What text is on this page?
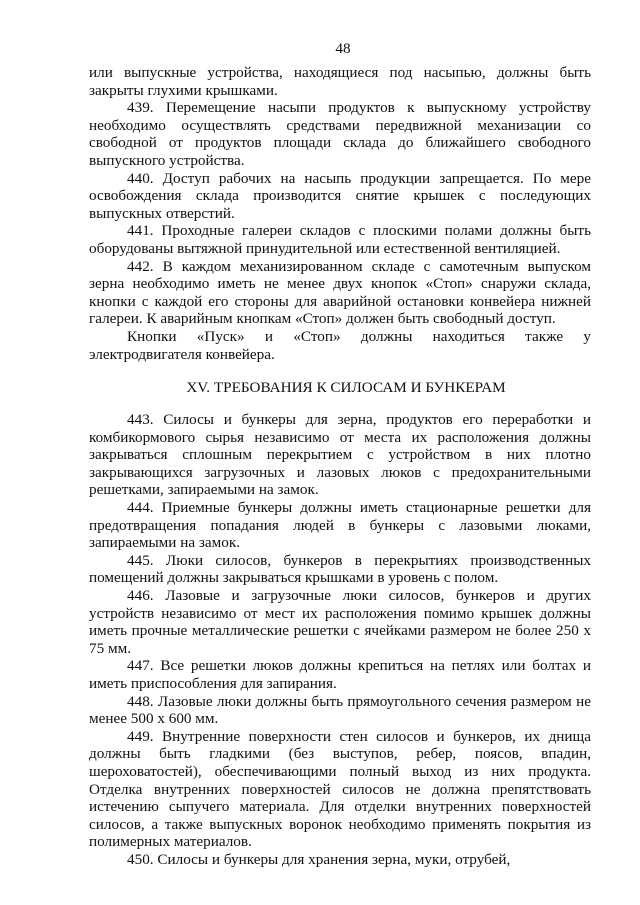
48

или выпускные устройства, находящиеся под насыпью, должны быть закрыты глухими крышками.

439. Перемещение насыпи продуктов к выпускному устройству необходимо осуществлять средствами передвижной механизации со свободной от продуктов площади склада до ближайшего свободного выпускного устройства.

440. Доступ рабочих на насыпь продукции запрещается. По мере освобождения склада производится снятие крышек с последующих выпускных отверстий.

441. Проходные галереи складов с плоскими полами должны быть оборудованы вытяжной принудительной или естественной вентиляцией.

442. В каждом механизированном складе с самотечным выпуском зерна необходимо иметь не менее двух кнопок «Стоп» снаружи склада, кнопки с каждой его стороны для аварийной остановки конвейера нижней галереи. К аварийным кнопкам «Стоп» должен быть свободный доступ.

Кнопки «Пуск» и «Стоп» должны находиться также у электродвигателя конвейера.

XV. ТРЕБОВАНИЯ К СИЛОСАМ И БУНКЕРАМ

443. Силосы и бункеры для зерна, продуктов его переработки и комбикормового сырья независимо от места их расположения должны закрываться сплошным перекрытием с устройством в них плотно закрывающихся загрузочных и лазовых люков с предохранительными решетками, запираемыми на замок.

444. Приемные бункеры должны иметь стационарные решетки для предотвращения попадания людей в бункеры с лазовыми люками, запираемыми на замок.

445. Люки силосов, бункеров в перекрытиях производственных помещений должны закрываться крышками в уровень с полом.

446. Лазовые и загрузочные люки силосов, бункеров и других устройств независимо от мест их расположения помимо крышек должны иметь прочные металлические решетки с ячейками размером не более 250 х 75 мм.

447. Все решетки люков должны крепиться на петлях или болтах и иметь приспособления для запирания.

448. Лазовые люки должны быть прямоугольного сечения размером не менее 500 х 600 мм.

449. Внутренние поверхности стен силосов и бункеров, их днища должны быть гладкими (без выступов, ребер, поясов, впадин, шероховатостей), обеспечивающими полный выход из них продукта. Отделка внутренних поверхностей силосов не должна препятствовать истечению сыпучего материала. Для отделки внутренних поверхностей силосов, а также выпускных воронок необходимо применять покрытия из полимерных материалов.

450. Силосы и бункеры для хранения зерна, муки, отрубей,
